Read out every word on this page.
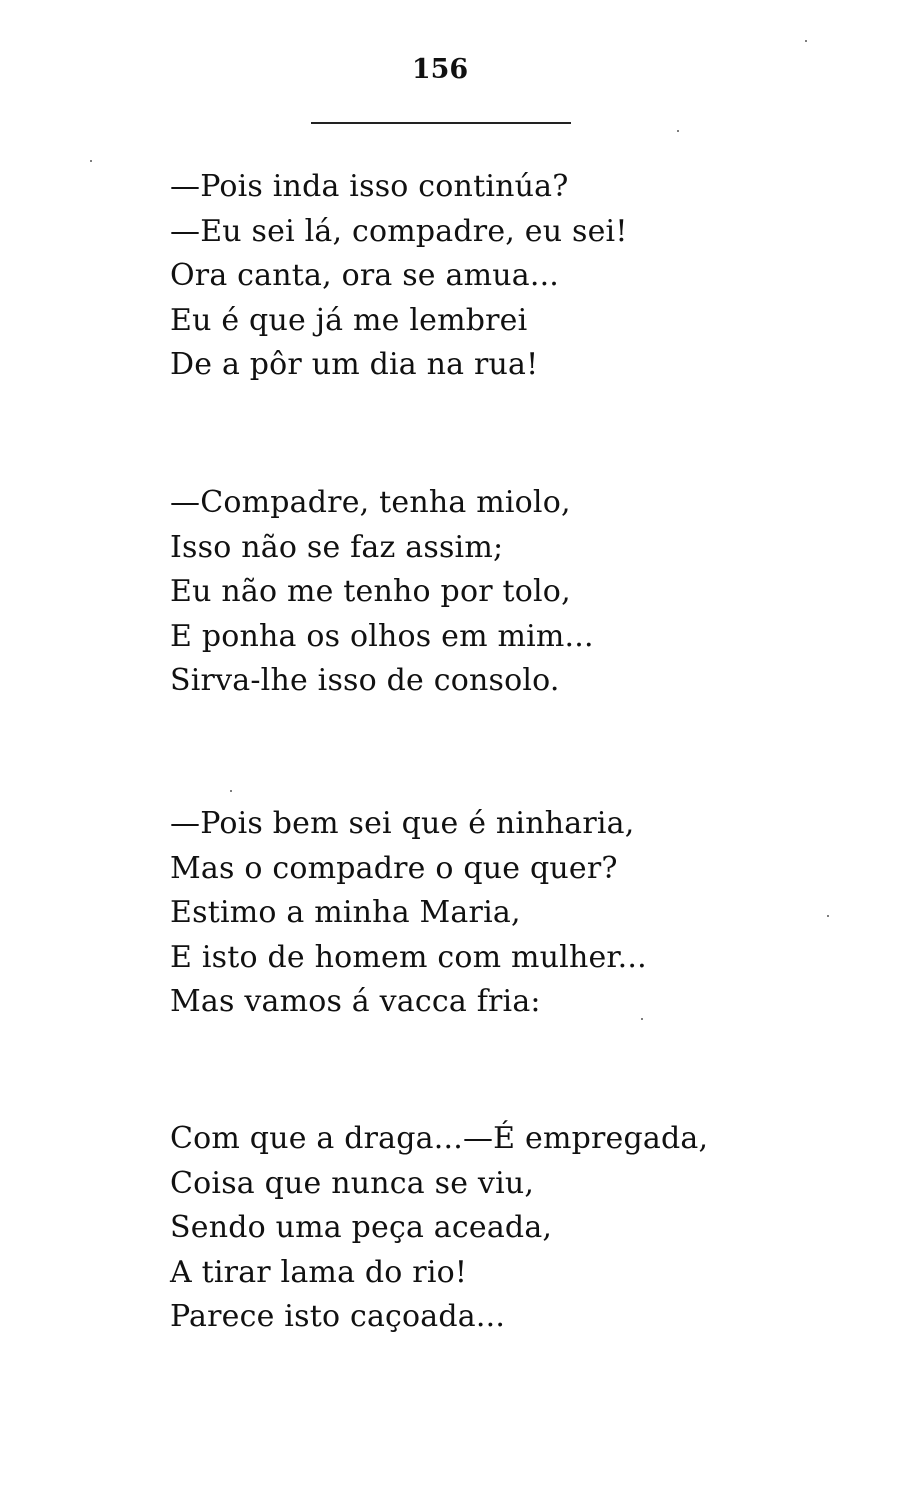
156
—Pois inda isso continúa?
—Eu sei lá, compadre, eu sei!
Ora canta, ora se amua...
Eu é que já me lembrei
De a pôr um dia na rua!
—Compadre, tenha miolo,
Isso não se faz assim;
Eu não me tenho por tolo,
E ponha os olhos em mim...
Sirva-lhe isso de consolo.
—Pois bem sei que é ninharia,
Mas o compadre o que quer?
Estimo a minha Maria,
E isto de homem com mulher...
Mas vamos á vacca fria:
Com que a draga...—É empregada,
Coisa que nunca se viu,
Sendo uma peça aceada,
A tirar lama do rio!
Parece isto caçoada...
